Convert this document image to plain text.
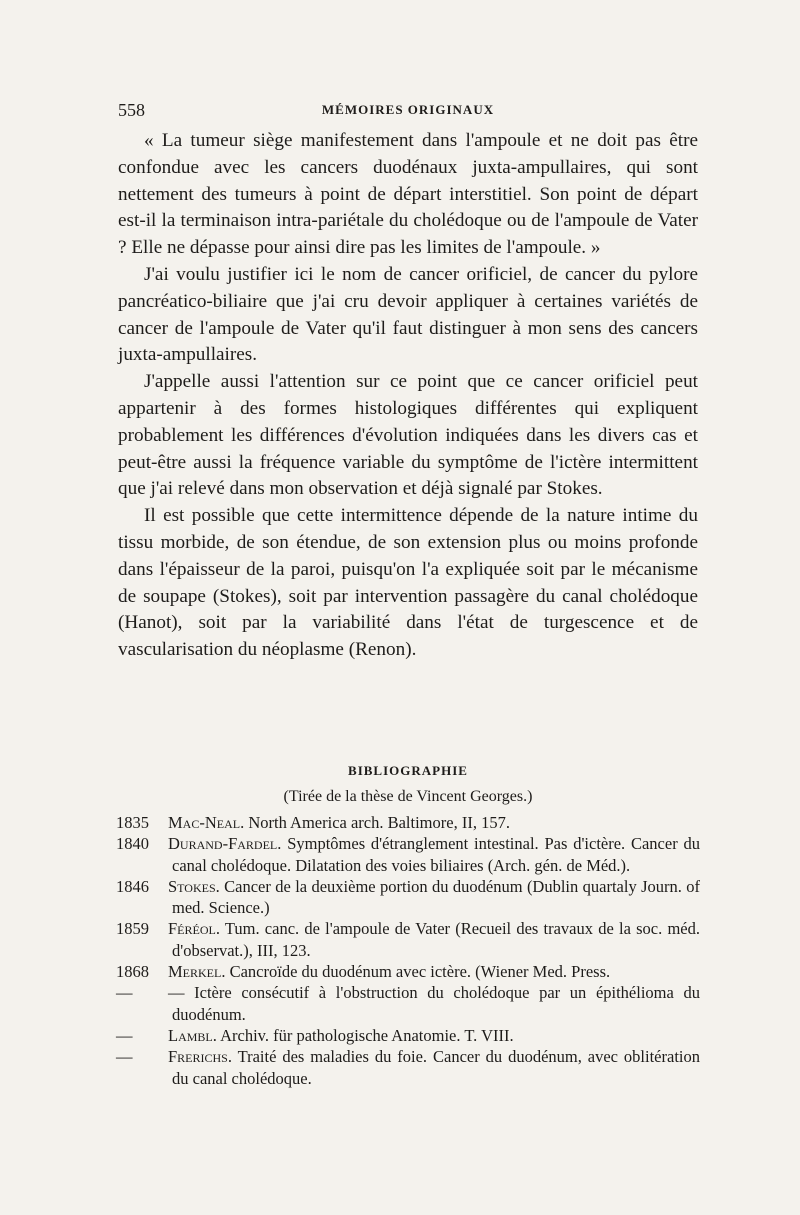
558	MÉMOIRES ORIGINAUX

« La tumeur siège manifestement dans l'ampoule et ne doit pas être confondue avec les cancers duodénaux juxta-ampullaires, qui sont nettement des tumeurs à point de départ interstitiel. Son point de départ est-il la terminaison intra-pariétale du cholédoque ou de l'ampoule de Vater ? Elle ne dépasse pour ainsi dire pas les limites de l'ampoule. »

J'ai voulu justifier ici le nom de cancer orificiel, de cancer du pylore pancréatico-biliaire que j'ai cru devoir appliquer à certaines variétés de cancer de l'ampoule de Vater qu'il faut distinguer à mon sens des cancers juxta-ampullaires.

J'appelle aussi l'attention sur ce point que ce cancer orificiel peut appartenir à des formes histologiques différentes qui expliquent probablement les différences d'évolution indiquées dans les divers cas et peut-être aussi la fréquence variable du symptôme de l'ictère intermittent que j'ai relevé dans mon observation et déjà signalé par Stokes.

Il est possible que cette intermittence dépende de la nature intime du tissu morbide, de son étendue, de son extension plus ou moins profonde dans l'épaisseur de la paroi, puisqu'on l'a expliquée soit par le mécanisme de soupape (Stokes), soit par intervention passagère du canal cholédoque (Hanot), soit par la variabilité dans l'état de turgescence et de vascularisation du néoplasme (Renon).

BIBLIOGRAPHIE
(Tirée de la thèse de Vincent Georges.)
1835 Mac-Neal. North America arch. Baltimore, II, 157.
1840 Durand-Fardel. Symptômes d'étranglement intestinal. Pas d'ictère. Cancer du canal cholédoque. Dilatation des voies biliaires (Arch. gén. de Méd.).
1846 Stokes. Cancer de la deuxième portion du duodénum (Dublin quartaly Journ. of med. Science.)
1859 Féréol. Tum. canc. de l'ampoule de Vater (Recueil des travaux de la soc. méd. d'observat.), III, 123.
1868 Merkel. Cancroïde du duodénum avec ictère. (Wiener Med. Press.
— — Ictère consécutif à l'obstruction du cholédoque par un épithélioma du duodénum.
— Lambl. Archiv. für pathologische Anatomie. T. VIII.
— Frerichs. Traité des maladies du foie. Cancer du duodénum, avec oblitération du canal cholédoque.
